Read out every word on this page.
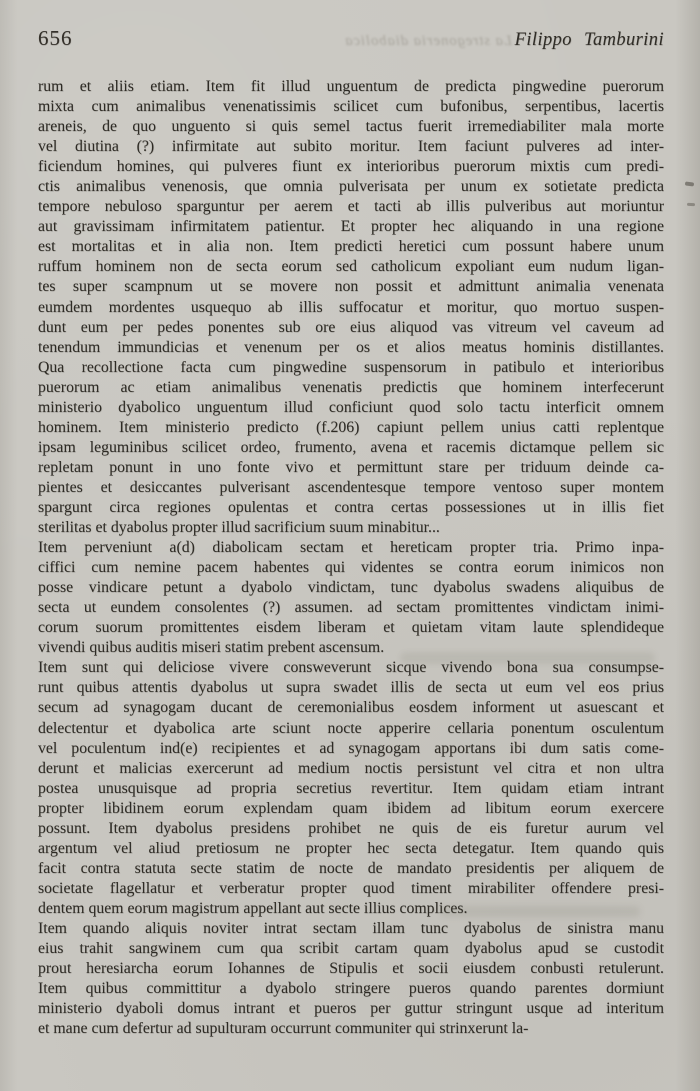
La stregoneria diabolica
656	Filippo Tamburini

rum et aliis etiam. Item fit illud unguentum de predicta pingwedine puerorum
mixta cum animalibus venenatissimis scilicet cum bufonibus, serpentibus, lacertis
areneis, de quo unguento si quis semel tactus fuerit irremediabiliter mala morte
vel diutina (?) infirmitate aut subito moritur. Item faciunt pulveres ad inter-
ficiendum homines, qui pulveres fiunt ex interioribus puerorum mixtis cum predi-
ctis animalibus venenosis, que omnia pulverisata per unum ex sotietate predicta
tempore nebuloso sparguntur per aerem et tacti ab illis pulveribus aut moriuntur
aut gravissimam infirmitatem patientur. Et propter hec aliquando in una regione
est mortalitas et in alia non. Item predicti heretici cum possunt habere unum
ruffum hominem non de secta eorum sed catholicum expoliant eum nudum ligan-
tes super scampnum ut se movere non possit et admittunt animalia venenata
eumdem mordentes usquequo ab illis suffocatur et moritur, quo mortuo suspen-
dunt eum per pedes ponentes sub ore eius aliquod vas vitreum vel caveum ad
tenendum immundicias et venenum per os et alios meatus hominis distillantes.
Qua recollectione facta cum pingwedine suspensorum in patibulo et interioribus
puerorum ac etiam animalibus venenatis predictis que hominem interfecerunt
ministerio dyabolico unguentum illud conficiunt quod solo tactu interficit omnem
hominem. Item ministerio predicto (f.206) capiunt pellem unius catti replentque
ipsam leguminibus scilicet ordeo, frumento, avena et racemis dictamque pellem sic
repletam ponunt in uno fonte vivo et permittunt stare per triduum deinde ca-
pientes et desiccantes pulverisant ascendentesque tempore ventoso super montem
spargunt circa regiones opulentas et contra certas possessiones ut in illis fiet
sterilitas et dyabolus propter illud sacrificium suum minabitur...

Item perveniunt a(d) diabolicam sectam et hereticam propter tria. Primo inpa-
ciffici cum nemine pacem habentes qui videntes se contra eorum inimicos non
posse vindicare petunt a dyabolo vindictam, tunc dyabolus swadens aliquibus de
secta ut eundem consolentes (?) assumen. ad sectam promittentes vindictam inimi-
corum suorum promittentes eisdem liberam et quietam vitam laute splendideque
vivendi quibus auditis miseri statim prebent ascensum.

Item sunt qui deliciose vivere consweverunt sicque vivendo bona sua consumpse-
runt quibus attentis dyabolus ut supra swadet illis de secta ut eum vel eos prius
secum ad synagogam ducant de ceremonialibus eosdem informent ut asuescant et
delectentur et dyabolica arte sciunt nocte apperire cellaria ponentum osculentum
vel poculentum ind(e) recipientes et ad synagogam apportans ibi dum satis come-
derunt et malicias exercerunt ad medium noctis persistunt vel citra et non ultra
postea unusquisque ad propria secretius revertitur. Item quidam etiam intrant
propter libidinem eorum explendam quam ibidem ad libitum eorum exercere
possunt. Item dyabolus presidens prohibet ne quis de eis furetur aurum vel
argentum vel aliud pretiosum ne propter hec secta detegatur. Item quando quis
facit contra statuta secte statim de nocte de mandato presidentis per aliquem de
societate flagellatur et verberatur propter quod timent mirabiliter offendere presi-
dentem quem eorum magistrum appellant aut secte illius complices.

Item quando aliquis noviter intrat sectam illam tunc dyabolus de sinistra manu
eius trahit sangwinem cum qua scribit cartam quam dyabolus apud se custodit
prout heresiarcha eorum Iohannes de Stipulis et socii eiusdem conbusti retulerunt.
Item quibus committitur a dyabolo stringere pueros quando parentes dormiunt
ministerio dyaboli domus intrant et pueros per guttur stringunt usque ad interitum
et mane cum defertur ad supulturam occurrunt communiter qui strinxerunt la-
